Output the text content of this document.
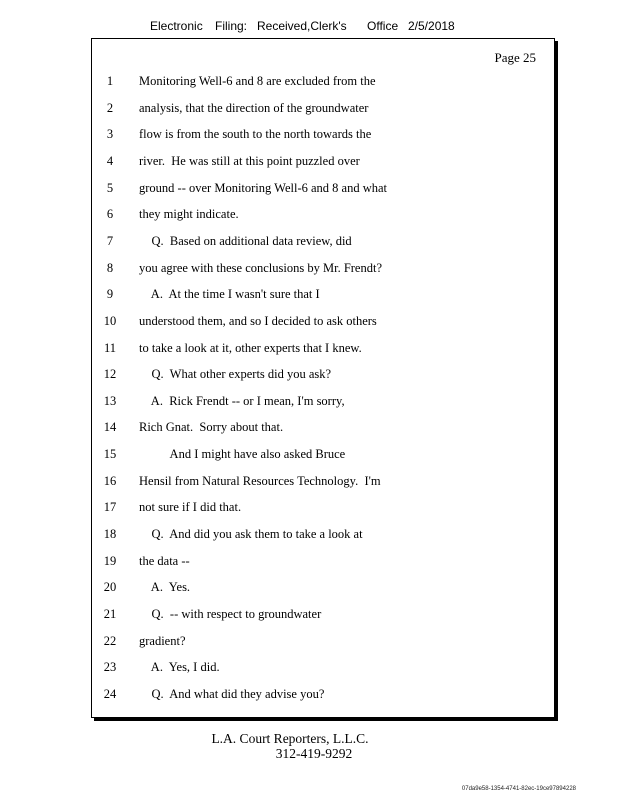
Electronic Filing: Received,Clerk's Office 2/5/2018
Page 25
1	Monitoring Well-6 and 8 are excluded from the
2	analysis, that the direction of the groundwater
3	flow is from the south to the north towards the
4	river.  He was still at this point puzzled over
5	ground -- over Monitoring Well-6 and 8 and what
6	they might indicate.
7	Q.  Based on additional data review, did
8	you agree with these conclusions by Mr. Frendt?
9	A.  At the time I wasn't sure that I
10	understood them, and so I decided to ask others
11	to take a look at it, other experts that I knew.
12	Q.  What other experts did you ask?
13	A.  Rick Frendt -- or I mean, I'm sorry,
14	Rich Gnat.  Sorry about that.
15	And I might have also asked Bruce
16	Hensil from Natural Resources Technology.  I'm
17	not sure if I did that.
18	Q.  And did you ask them to take a look at
19	the data --
20	A.  Yes.
21	Q.  -- with respect to groundwater
22	gradient?
23	A.  Yes, I did.
24	Q.  And what did they advise you?
L.A. Court Reporters, L.L.C.
312-419-9292
07da9e58-1354-4741-82ec-19ce97894228
